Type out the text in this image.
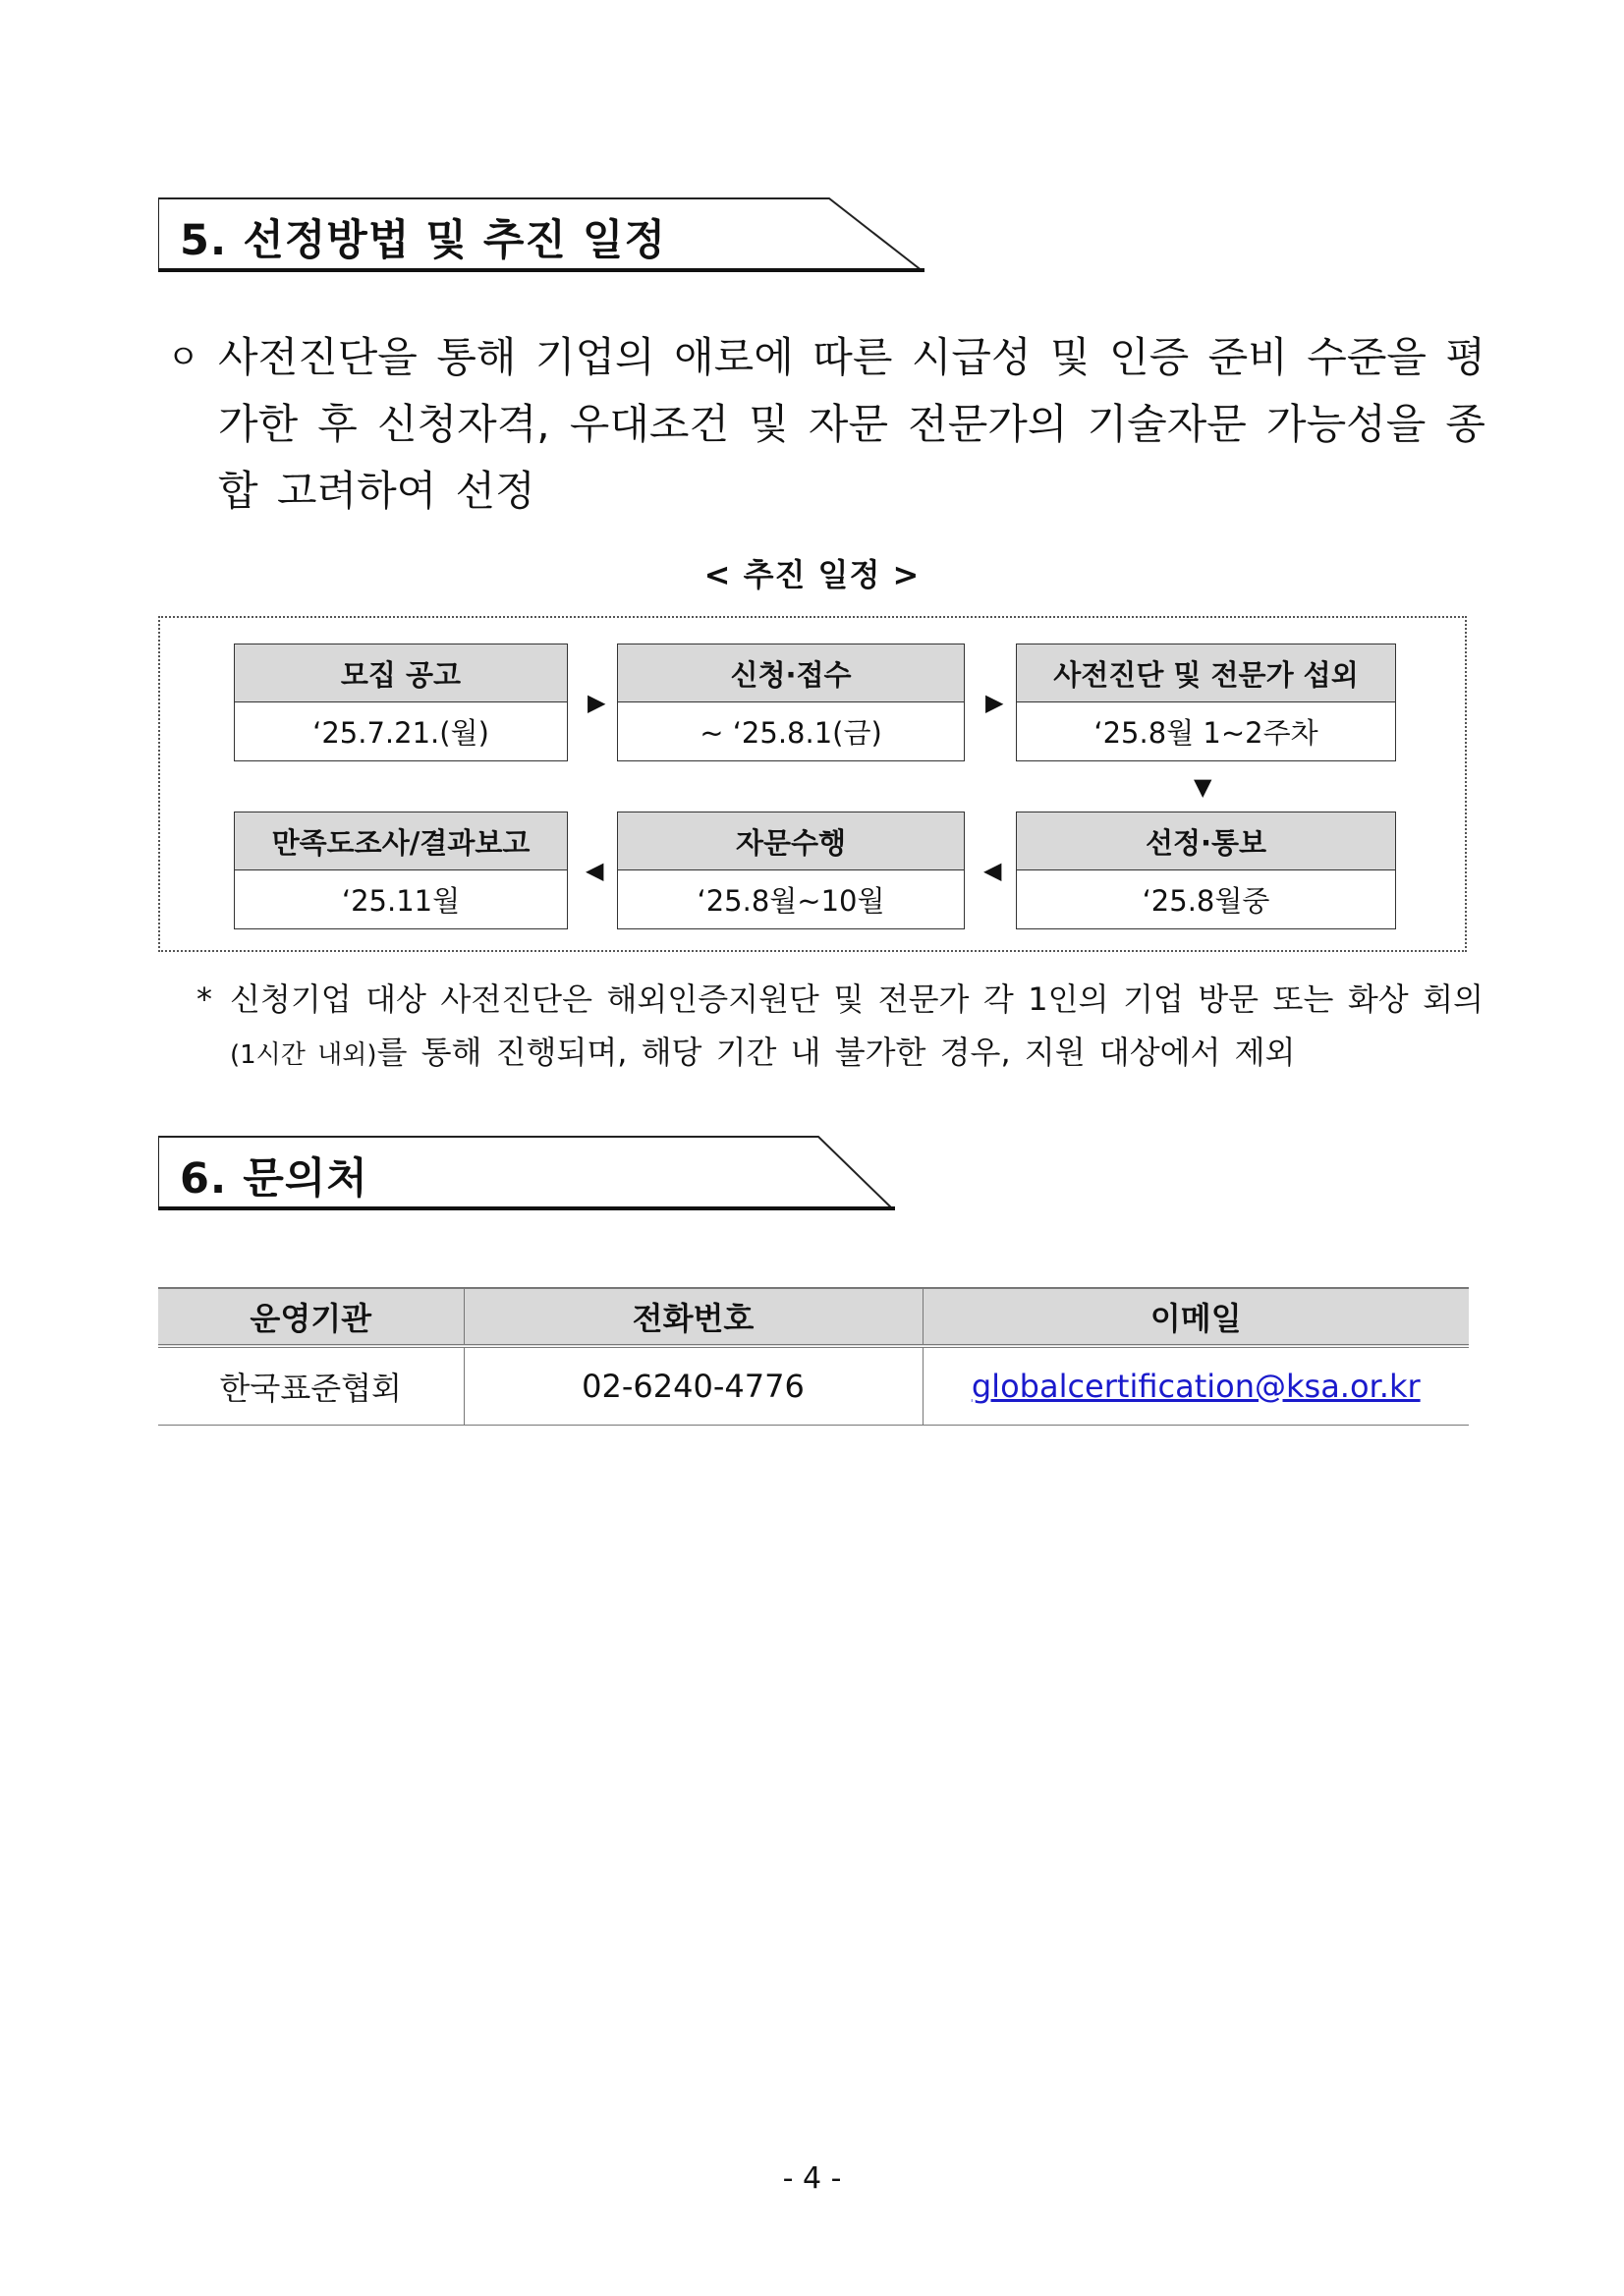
5. 선정방법 및 추진 일정
ㅇ 사전진단을 통해 기업의 애로에 따른 시급성 및 인증 준비 수준을 평가한 후 신청자격, 우대조건 및 자문 전문가의 기술자문 가능성을 종합 고려하여 선정
< 추진 일정 >
모집 공고
‘25.7.21.(월)
▶
신청·접수
~ ‘25.8.1(금)
▶
사전진단 및 전문가 섭외
‘25.8월 1~2주차
▼
선정·통보
‘25.8월중
◀
자문수행
‘25.8월~10월
◀
만족도조사/결과보고
‘25.11월
* 신청기업 대상 사전진단은 해외인증지원단 및 전문가 각 1인의 기업 방문 또는 화상 회의(1시간 내외)를 통해 진행되며, 해당 기간 내 불가한 경우, 지원 대상에서 제외
6. 문의처
운영기관	전화번호	이메일
한국표준협회	02-6240-4776	globalcertification@ksa.or.kr
- 4 -
